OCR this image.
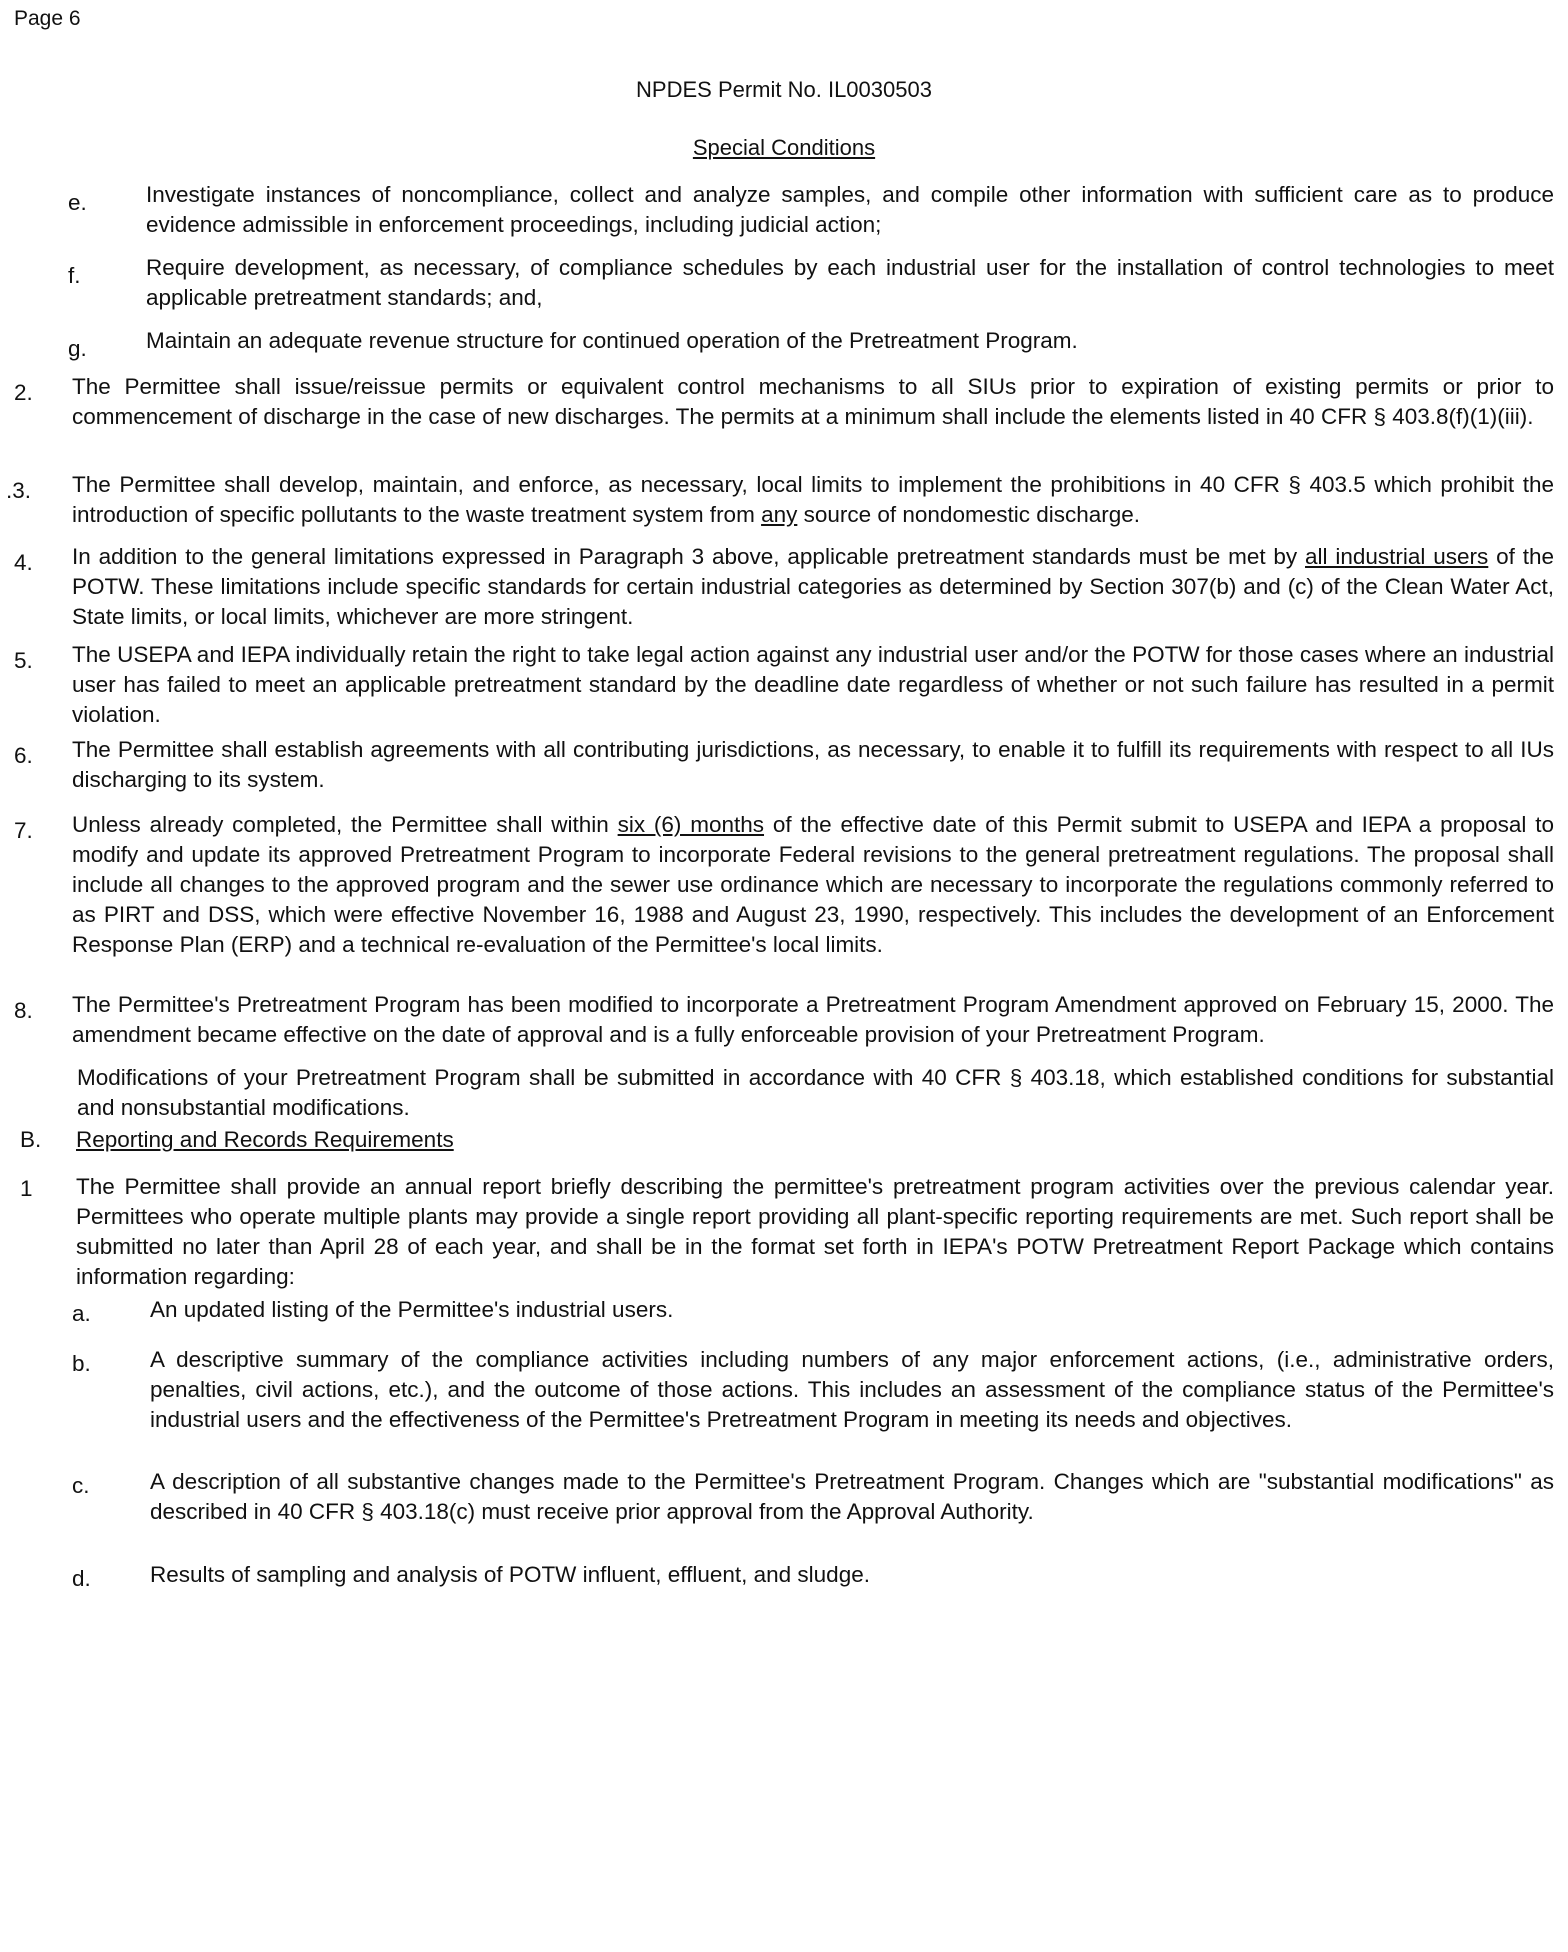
Page 6
NPDES Permit No. IL0030503
Special Conditions
e.	Investigate instances of noncompliance, collect and analyze samples, and compile other information with sufficient care as to produce evidence admissible in enforcement proceedings, including judicial action;
f.	Require development, as necessary, of compliance schedules by each industrial user for the installation of control technologies to meet applicable pretreatment standards; and,
g.	Maintain an adequate revenue structure for continued operation of the Pretreatment Program.
2.	The Permittee shall issue/reissue permits or equivalent control mechanisms to all SIUs prior to expiration of existing permits or prior to commencement of discharge in the case of new discharges. The permits at a minimum shall include the elements listed in 40 CFR § 403.8(f)(1)(iii).
.3.	The Permittee shall develop, maintain, and enforce, as necessary, local limits to implement the prohibitions in 40 CFR § 403.5 which prohibit the introduction of specific pollutants to the waste treatment system from any source of nondomestic discharge.
4.	In addition to the general limitations expressed in Paragraph 3 above, applicable pretreatment standards must be met by all industrial users of the POTW. These limitations include specific standards for certain industrial categories as determined by Section 307(b) and (c) of the Clean Water Act, State limits, or local limits, whichever are more stringent.
5.	The USEPA and IEPA individually retain the right to take legal action against any industrial user and/or the POTW for those cases where an industrial user has failed to meet an applicable pretreatment standard by the deadline date regardless of whether or not such failure has resulted in a permit violation.
6.	The Permittee shall establish agreements with all contributing jurisdictions, as necessary, to enable it to fulfill its requirements with respect to all IUs discharging to its system.
7.	Unless already completed, the Permittee shall within six (6) months of the effective date of this Permit submit to USEPA and IEPA a proposal to modify and update its approved Pretreatment Program to incorporate Federal revisions to the general pretreatment regulations. The proposal shall include all changes to the approved program and the sewer use ordinance which are necessary to incorporate the regulations commonly referred to as PIRT and DSS, which were effective November 16, 1988 and August 23, 1990, respectively. This includes the development of an Enforcement Response Plan (ERP) and a technical re-evaluation of the Permittee's local limits.
8.	The Permittee's Pretreatment Program has been modified to incorporate a Pretreatment Program Amendment approved on February 15, 2000. The amendment became effective on the date of approval and is a fully enforceable provision of your Pretreatment Program.
Modifications of your Pretreatment Program shall be submitted in accordance with 40 CFR § 403.18, which established conditions for substantial and nonsubstantial modifications.
B.	Reporting and Records Requirements
1	The Permittee shall provide an annual report briefly describing the permittee's pretreatment program activities over the previous calendar year. Permittees who operate multiple plants may provide a single report providing all plant-specific reporting requirements are met. Such report shall be submitted no later than April 28 of each year, and shall be in the format set forth in IEPA's POTW Pretreatment Report Package which contains information regarding:
a.	An updated listing of the Permittee's industrial users.
b.	A descriptive summary of the compliance activities including numbers of any major enforcement actions, (i.e., administrative orders, penalties, civil actions, etc.), and the outcome of those actions. This includes an assessment of the compliance status of the Permittee's industrial users and the effectiveness of the Permittee's Pretreatment Program in meeting its needs and objectives.
c.	A description of all substantive changes made to the Permittee's Pretreatment Program. Changes which are "substantial modifications" as described in 40 CFR § 403.18(c) must receive prior approval from the Approval Authority.
d.	Results of sampling and analysis of POTW influent, effluent, and sludge.
